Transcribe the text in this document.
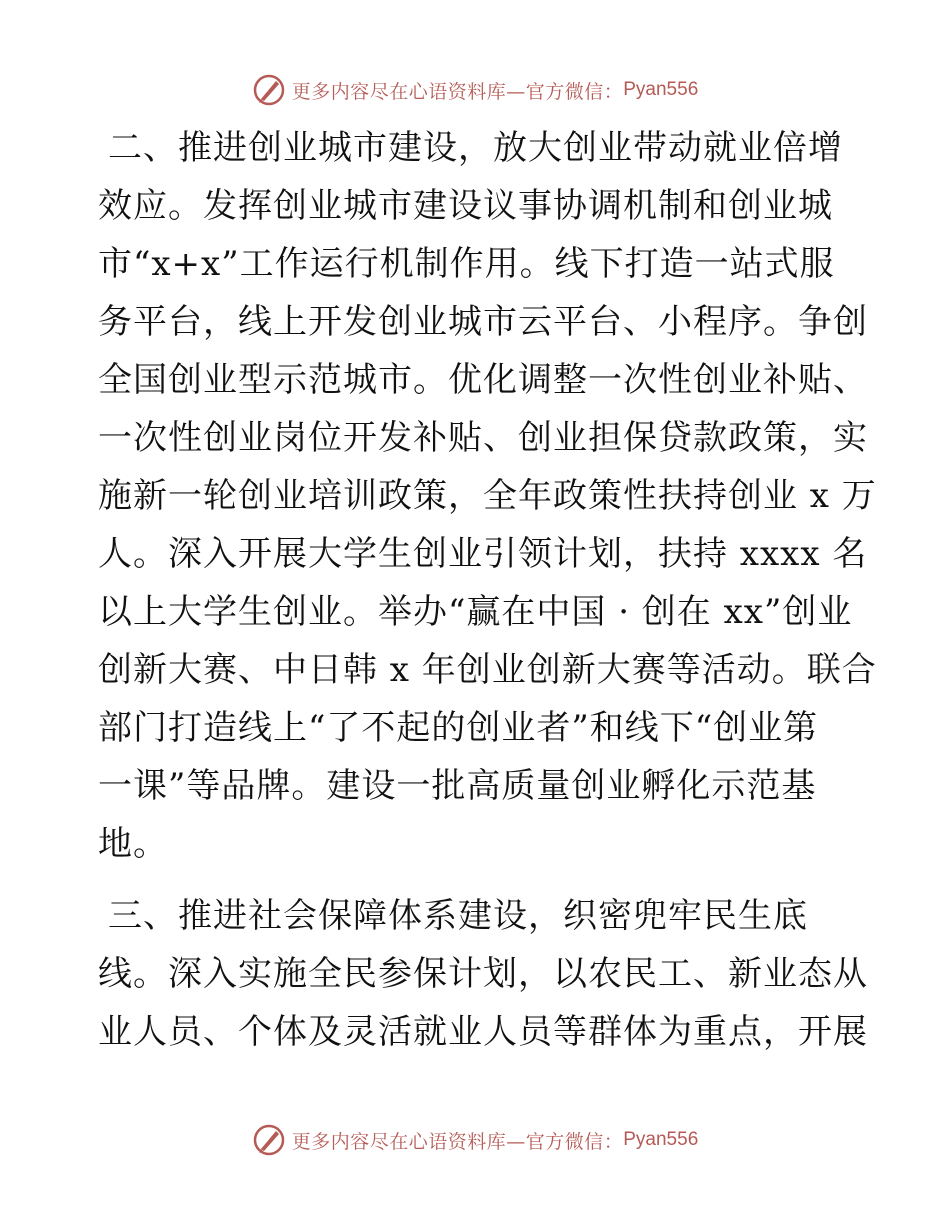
更多内容尽在心语资料库—官方微信： Pyan556
二、推进创业城市建设，放大创业带动就业倍增
效应。发挥创业城市建设议事协调机制和创业城
市“x+x”工作运行机制作用。线下打造一站式服
务平台，线上开发创业城市云平台、小程序。争创
全国创业型示范城市。优化调整一次性创业补贴、
一次性创业岗位开发补贴、创业担保贷款政策，实
施新一轮创业培训政策，全年政策性扶持创业 x 万
人。深入开展大学生创业引领计划，扶持 xxxx 名
以上大学生创业。举办“赢在中国 · 创在 xx”创业
创新大赛、中日韩 x 年创业创新大赛等活动。联合
部门打造线上“了不起的创业者”和线下“创业第
一课”等品牌。建设一批高质量创业孵化示范基
地。
三、推进社会保障体系建设，织密兜牢民生底
线。深入实施全民参保计划，以农民工、新业态从
业人员、个体及灵活就业人员等群体为重点，开展
更多内容尽在心语资料库—官方微信： Pyan556
